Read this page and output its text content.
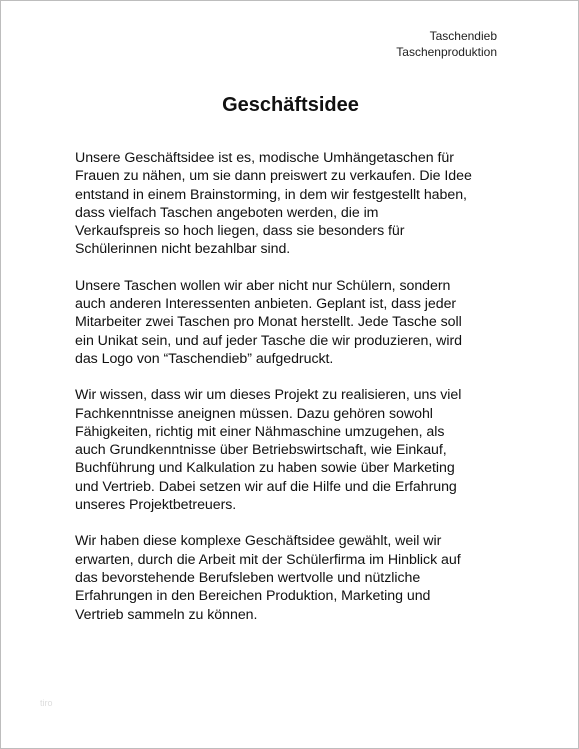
Taschendieb
Taschenproduktion
Geschäftsidee

Unsere Geschäftsidee ist es, modische Umhängetaschen für
Frauen zu nähen, um sie dann preiswert zu verkaufen. Die Idee
entstand in einem Brainstorming, in dem wir festgestellt haben,
dass vielfach Taschen angeboten werden, die im
Verkaufspreis so hoch liegen, dass sie besonders für
Schülerinnen nicht bezahlbar sind.

Unsere Taschen wollen wir aber nicht nur Schülern, sondern
auch anderen Interessenten anbieten. Geplant ist, dass jeder
Mitarbeiter zwei Taschen pro Monat herstellt. Jede Tasche soll
ein Unikat sein, und auf jeder Tasche die wir produzieren, wird
das Logo von “Taschendieb” aufgedruckt.

Wir wissen, dass wir um dieses Projekt zu realisieren, uns viel
Fachkenntnisse aneignen müssen. Dazu gehören sowohl
Fähigkeiten, richtig mit einer Nähmaschine umzugehen, als
auch Grundkenntnisse über Betriebswirtschaft, wie Einkauf,
Buchführung und Kalkulation zu haben sowie über Marketing
und Vertrieb. Dabei setzen wir auf die Hilfe und die Erfahrung
unseres Projektbetreuers.

Wir haben diese komplexe Geschäftsidee gewählt, weil wir
erwarten, durch die Arbeit mit der Schülerfirma im Hinblick auf
das bevorstehende Berufsleben wertvolle und nützliche
Erfahrungen in den Bereichen Produktion, Marketing und
Vertrieb sammeln zu können.

tiro
